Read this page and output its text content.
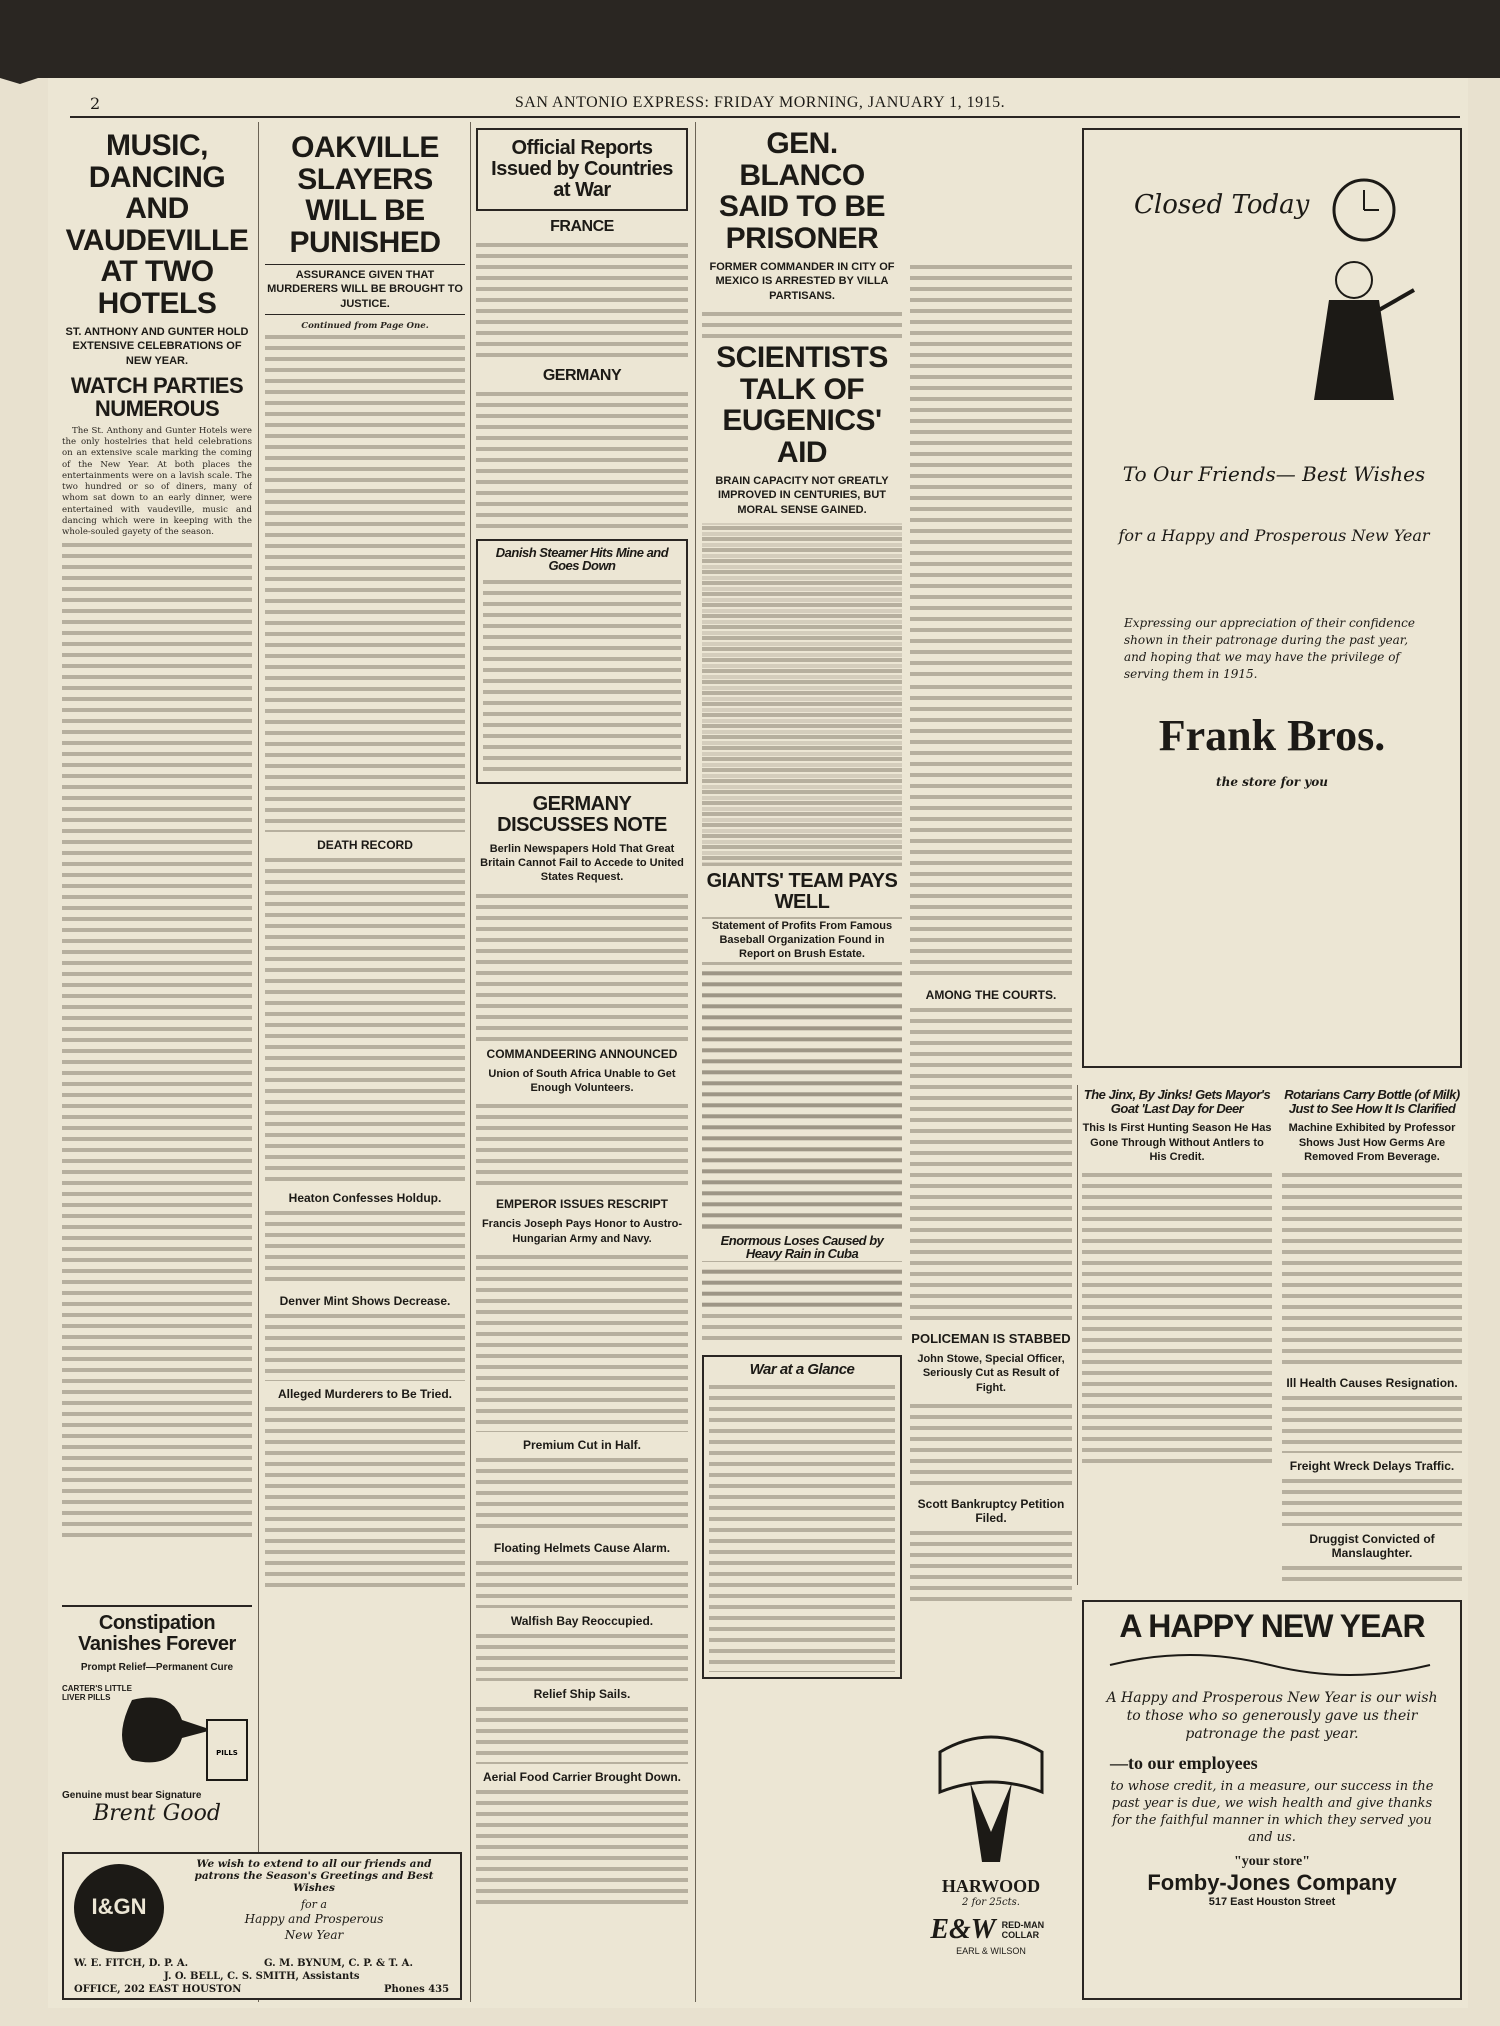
2	SAN ANTONIO EXPRESS: FRIDAY MORNING, JANUARY 1, 1915.
MUSIC, DANCING AND VAUDEVILLE AT TWO HOTELS
ST. ANTHONY AND GUNTER HOLD EXTENSIVE CELEBRATIONS OF NEW YEAR.
WATCH PARTIES NUMEROUS

The St. Anthony and Gunter Hotels were the only hostelries that held celebrations on an extensive scale marking the coming of the New Year. At both places the entertainments were on a lavish scale. The two hundred or so of diners, many of whom sat down to an early dinner, were entertained with vaudeville, music and dancing which were in keeping with the whole-souled gayety of the season.

Constipation Vanishes Forever
Prompt Relief—Permanent Cure
PILLS
CARTER'S LITTLE LIVER PILLS
Genuine must bear Signature
Brent Good
OAKVILLE SLAYERS WILL BE PUNISHED
ASSURANCE GIVEN THAT MURDERERS WILL BE BROUGHT TO JUSTICE.
Continued from Page One.
DEATH RECORD
Heaton Confesses Holdup.
Denver Mint Shows Decrease.
Alleged Murderers to Be Tried.
I&GN
We wish to extend to all our friends and patrons the Season's Greetings and Best Wishes
for a
Happy and Prosperous
New Year
W. E. FITCH, D. P. A.	G. M. BYNUM, C. P. & T. A.
J. O. BELL, C. S. SMITH, Assistants
OFFICE, 202 EAST HOUSTON	Phones 435
Official Reports Issued by Countries at War
FRANCE
GERMANY
Danish Steamer Hits Mine and Goes Down
GERMANY DISCUSSES NOTE
Berlin Newspapers Hold That Great Britain Cannot Fail to Accede to United States Request.
COMMANDEERING ANNOUNCED
Union of South Africa Unable to Get Enough Volunteers.
EMPEROR ISSUES RESCRIPT
Francis Joseph Pays Honor to Austro-Hungarian Army and Navy.
Premium Cut in Half.
Floating Helmets Cause Alarm.
Walfish Bay Reoccupied.
Relief Ship Sails.
Aerial Food Carrier Brought Down.
GEN. BLANCO SAID TO BE PRISONER
FORMER COMMANDER IN CITY OF MEXICO IS ARRESTED BY VILLA PARTISANS.
SCIENTISTS TALK OF EUGENICS' AID
BRAIN CAPACITY NOT GREATLY IMPROVED IN CENTURIES, BUT MORAL SENSE GAINED.
GIANTS' TEAM PAYS WELL
Statement of Profits From Famous Baseball Organization Found in Report on Brush Estate.
Enormous Loses Caused by Heavy Rain in Cuba
War at a Glance
AMONG THE COURTS.
POLICEMAN IS STABBED
John Stowe, Special Officer, Seriously Cut as Result of Fight.
Scott Bankruptcy Petition Filed.
HARWOOD
2 for 25cts.
E&W RED-MAN COLLAR
EARL & WILSON
Closed Today
To Our Friends— Best Wishes
for a Happy and Prosperous New Year
Expressing our appreciation of their confidence shown in their patronage during the past year, and hoping that we may have the privilege of serving them in 1915.
Frank Bros.
the store for you
The Jinx, By Jinks! Gets Mayor's Goat 'Last Day for Deer
This Is First Hunting Season He Has Gone Through Without Antlers to His Credit.
Rotarians Carry Bottle (of Milk) Just to See How It Is Clarified
Machine Exhibited by Professor Shows Just How Germs Are Removed From Beverage.
Ill Health Causes Resignation.
Freight Wreck Delays Traffic.
Druggist Convicted of Manslaughter.
A HAPPY NEW YEAR
A Happy and Prosperous New Year is our wish to those who so generously gave us their patronage the past year.
—to our employees
to whose credit, in a measure, our success in the past year is due, we wish health and give thanks for the faithful manner in which they served you and us.
"your store"
Fomby-Jones Company
517 East Houston Street
